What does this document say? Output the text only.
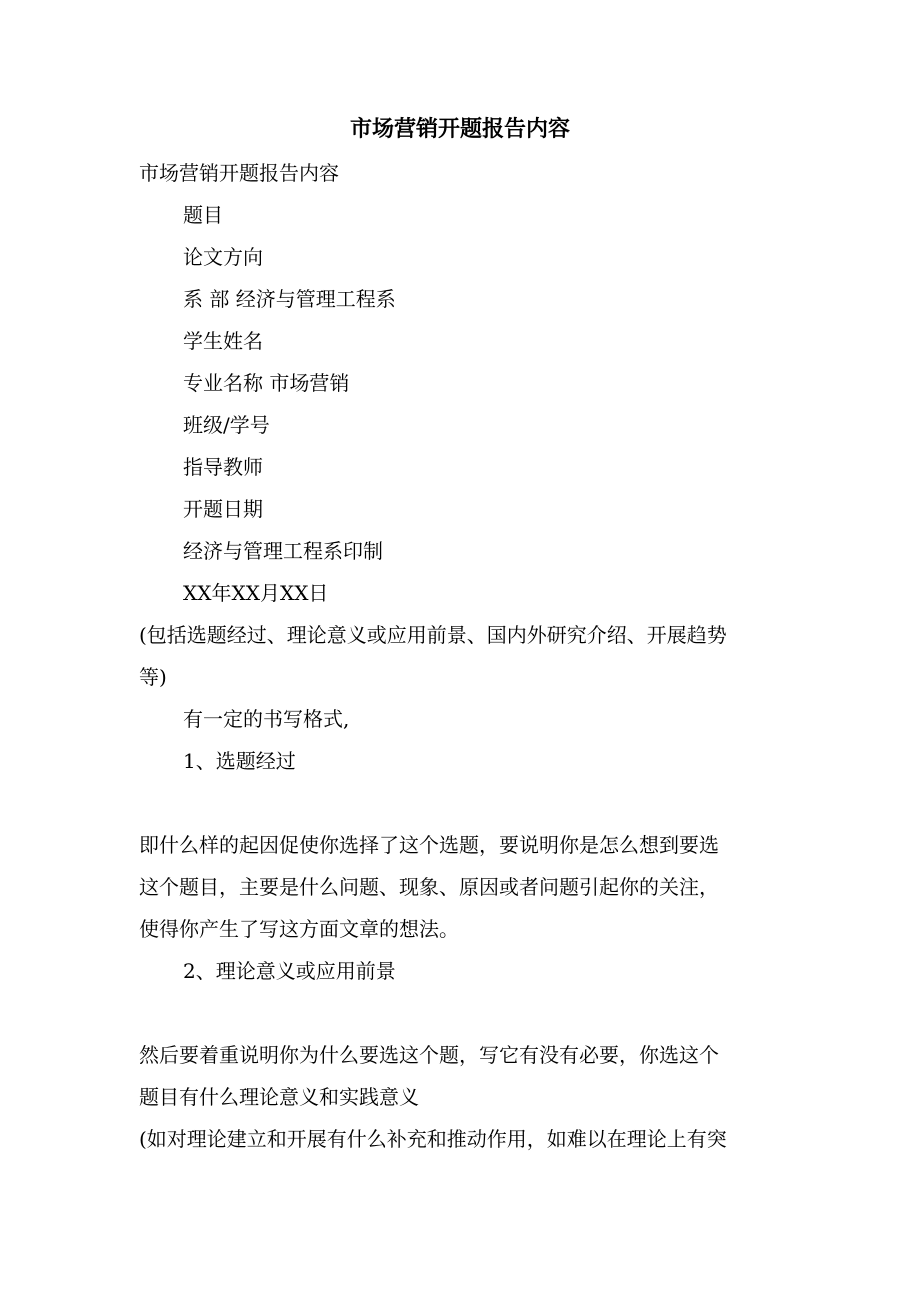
市场营销开题报告内容
市场营销开题报告内容
题目
论文方向
系 部 经济与管理工程系
学生姓名
专业名称 市场营销
班级/学号
指导教师
开题日期
经济与管理工程系印制
XX年XX月XX日
(包括选题经过、理论意义或应用前景、国内外研究介绍、开展趋势
等)
有一定的书写格式,
1、选题经过
即什么样的起因促使你选择了这个选题，要说明你是怎么想到要选
这个题目，主要是什么问题、现象、原因或者问题引起你的关注，
使得你产生了写这方面文章的想法。
2、理论意义或应用前景
然后要着重说明你为什么要选这个题，写它有没有必要，你选这个
题目有什么理论意义和实践意义
(如对理论建立和开展有什么补充和推动作用，如难以在理论上有突
